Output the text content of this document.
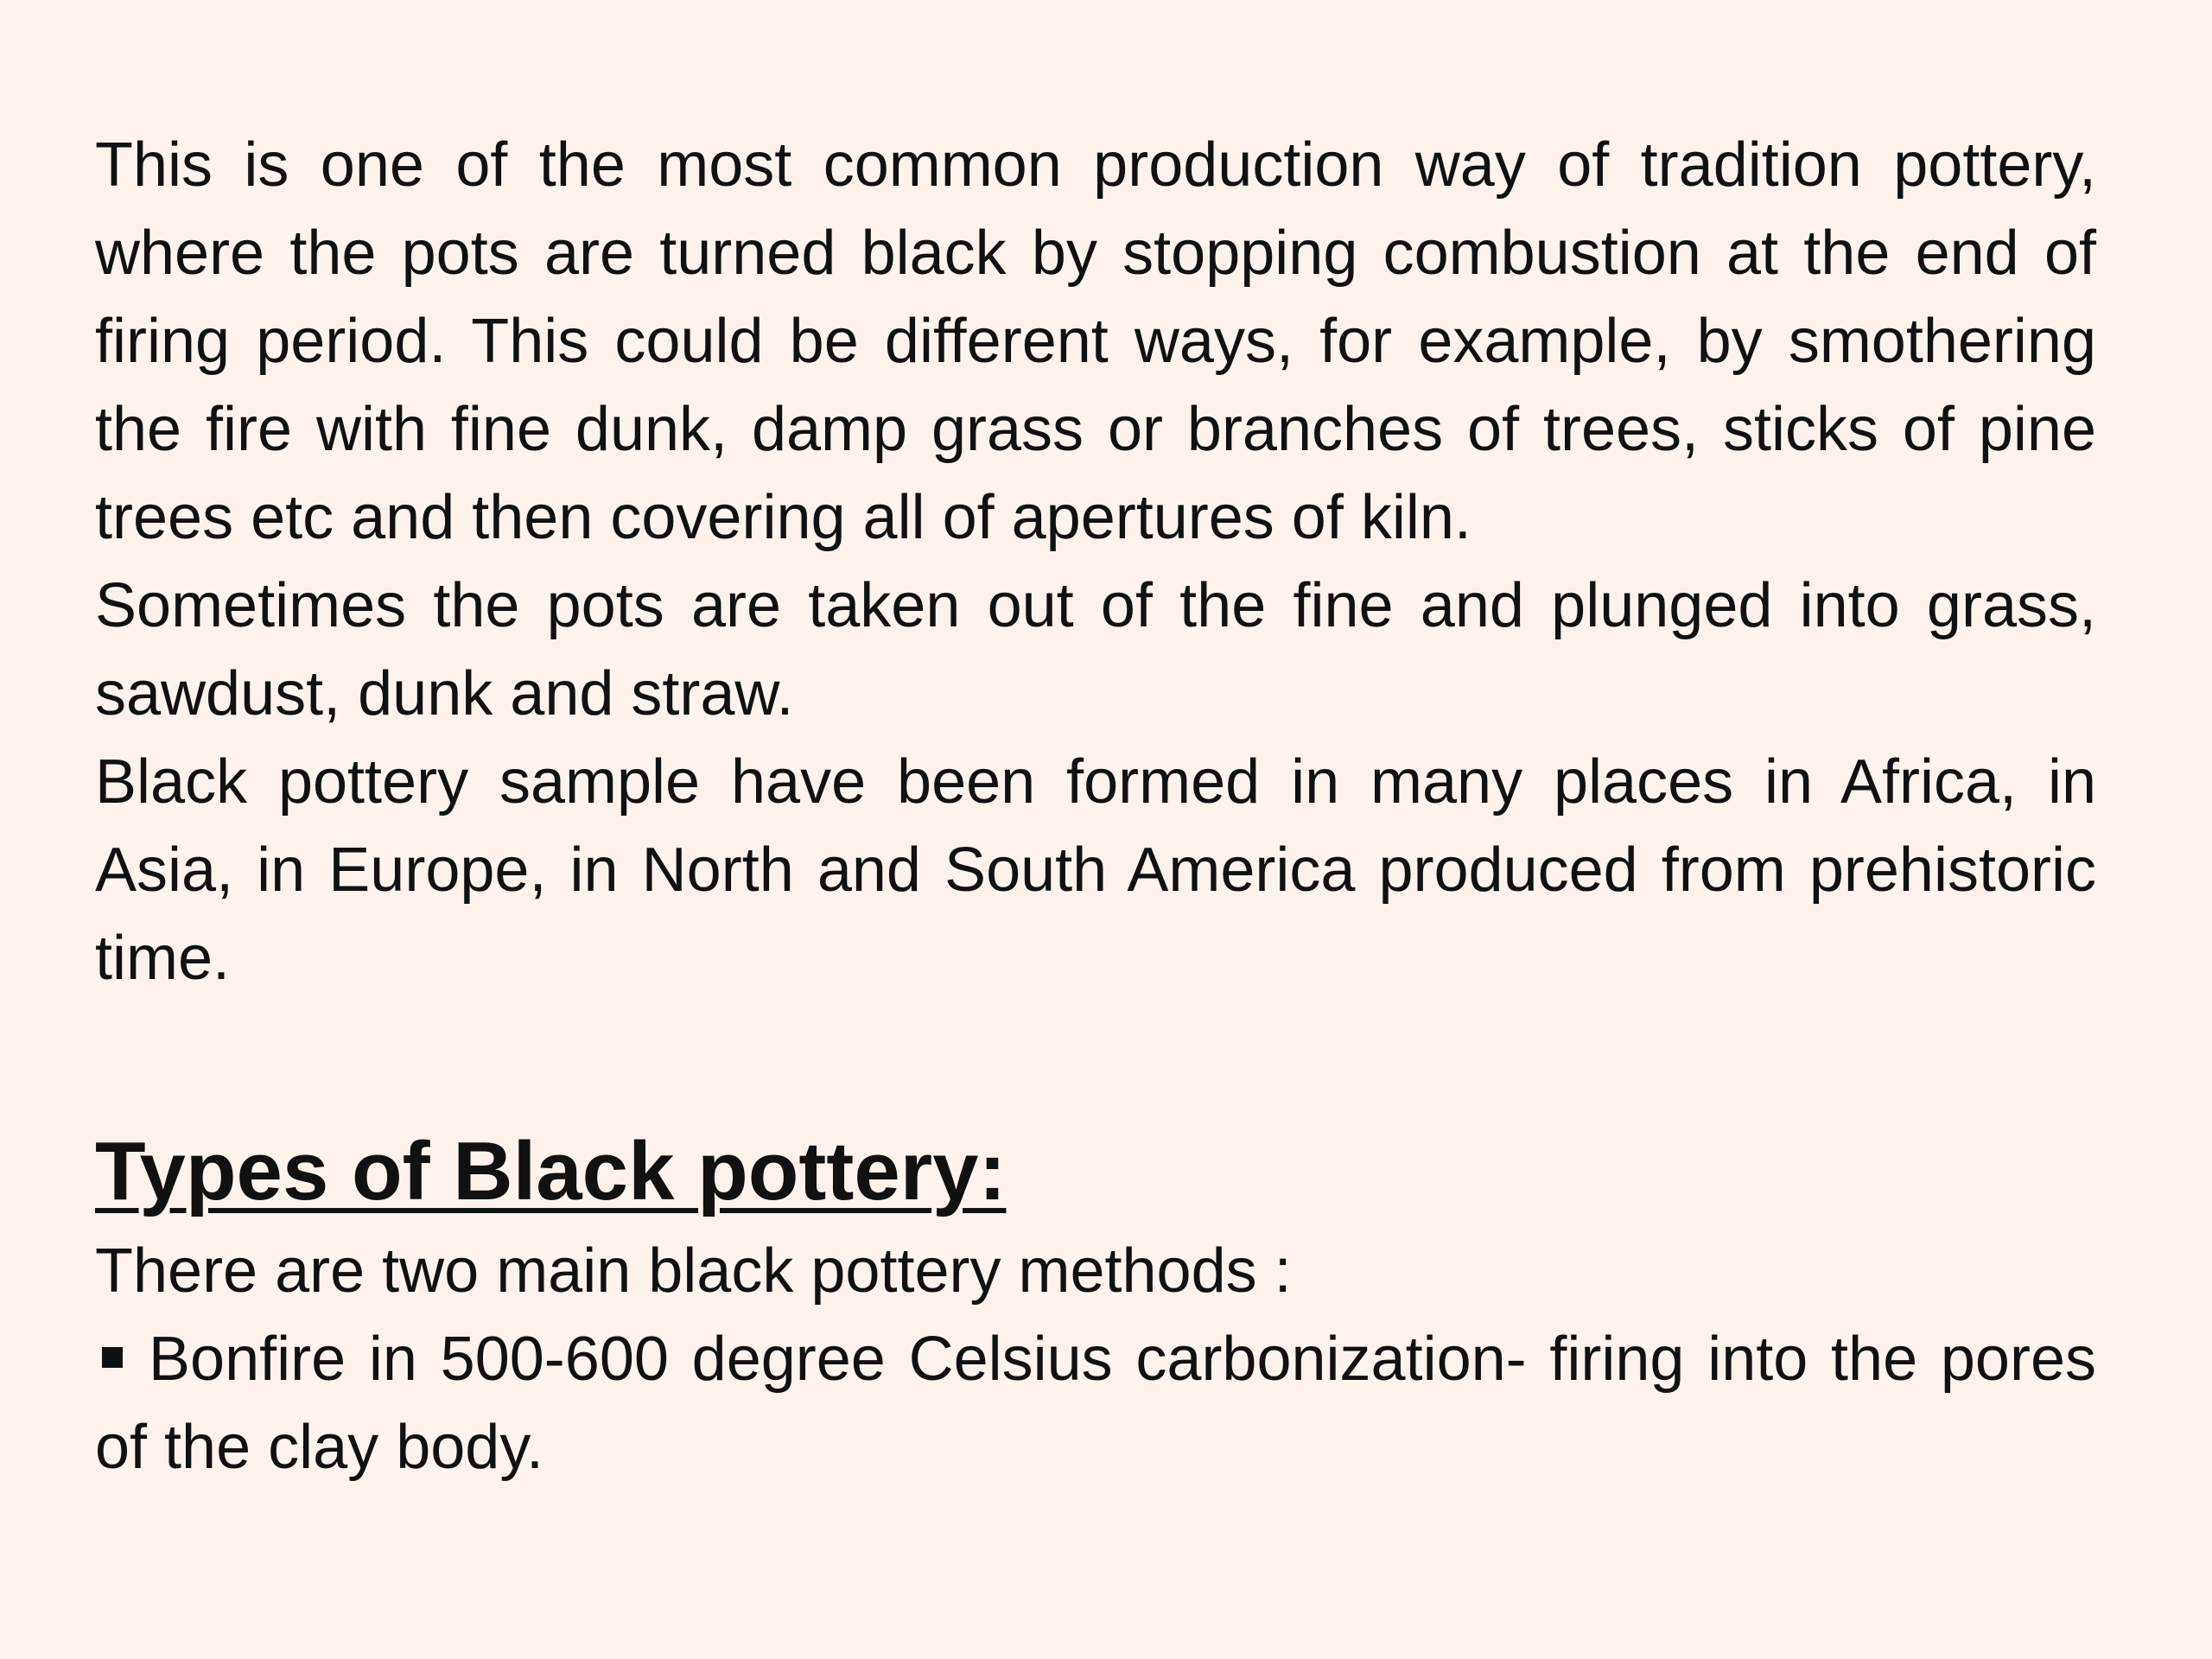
This is one of the most common production way of tradition pottery, where the pots are turned black by stopping combustion at the end of firing period. This could be different ways, for example, by smothering the fire with fine dunk, damp grass or branches of trees, sticks of pine trees etc and then covering all of apertures of kiln.

Sometimes the pots are taken out of the fine and plunged into grass, sawdust, dunk and straw.

Black pottery sample have been formed in many places in Africa, in Asia, in Europe, in North and South America produced from prehistoric time.

Types of Black pottery:

There are two main black pottery methods :

Bonfire in 500-600 degree Celsius carbonization- firing into the pores of the clay body.
